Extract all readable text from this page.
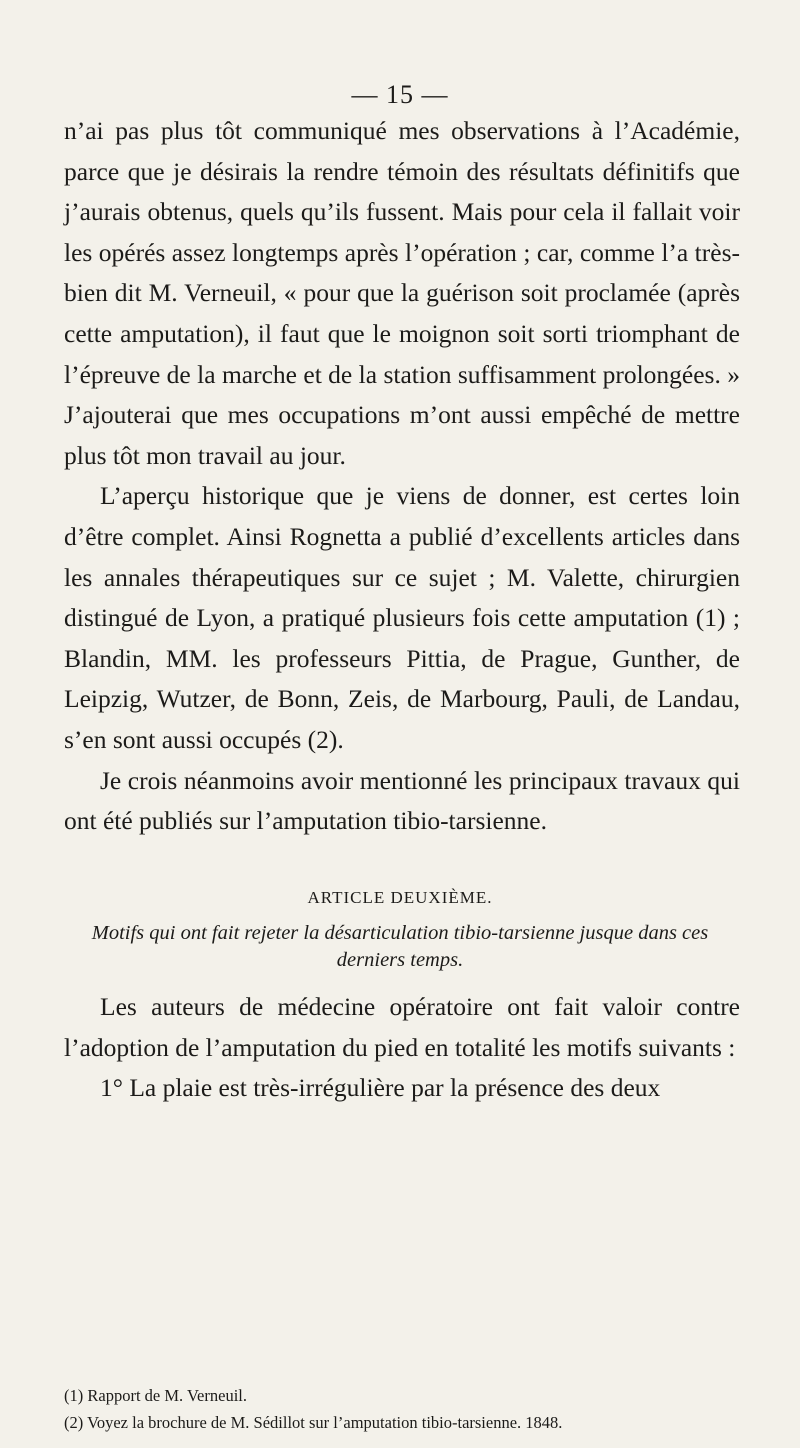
— 15 —

n’ai pas plus tôt communiqué mes observations à l’Académie, parce que je désirais la rendre témoin des résultats définitifs que j’aurais obtenus, quels qu’ils fussent. Mais pour cela il fallait voir les opérés assez longtemps après l’opération ; car, comme l’a très-bien dit M. Verneuil, « pour que la guérison soit proclamée (après cette amputation), il faut que le moignon soit sorti triomphant de l’épreuve de la marche et de la station suffisamment prolongées. » J’ajouterai que mes occupations m’ont aussi empêché de mettre plus tôt mon travail au jour.

L’aperçu historique que je viens de donner, est certes loin d’être complet. Ainsi Rognetta a publié d’excellents articles dans les annales thérapeutiques sur ce sujet ; M. Valette, chirurgien distingué de Lyon, a pratiqué plusieurs fois cette amputation (1) ; Blandin, MM. les professeurs Pittia, de Prague, Gunther, de Leipzig, Wutzer, de Bonn, Zeis, de Marbourg, Pauli, de Landau, s’en sont aussi occupés (2).

Je crois néanmoins avoir mentionné les principaux travaux qui ont été publiés sur l’amputation tibio-tarsienne.

ARTICLE DEUXIÈME.
Motifs qui ont fait rejeter la désarticulation tibio-tarsienne jusque dans ces derniers temps.

Les auteurs de médecine opératoire ont fait valoir contre l’adoption de l’amputation du pied en totalité les motifs suivants :

1° La plaie est très-irrégulière par la présence des deux

(1) Rapport de M. Verneuil.
(2) Voyez la brochure de M. Sédillot sur l’amputation tibio-tarsienne. 1848.
